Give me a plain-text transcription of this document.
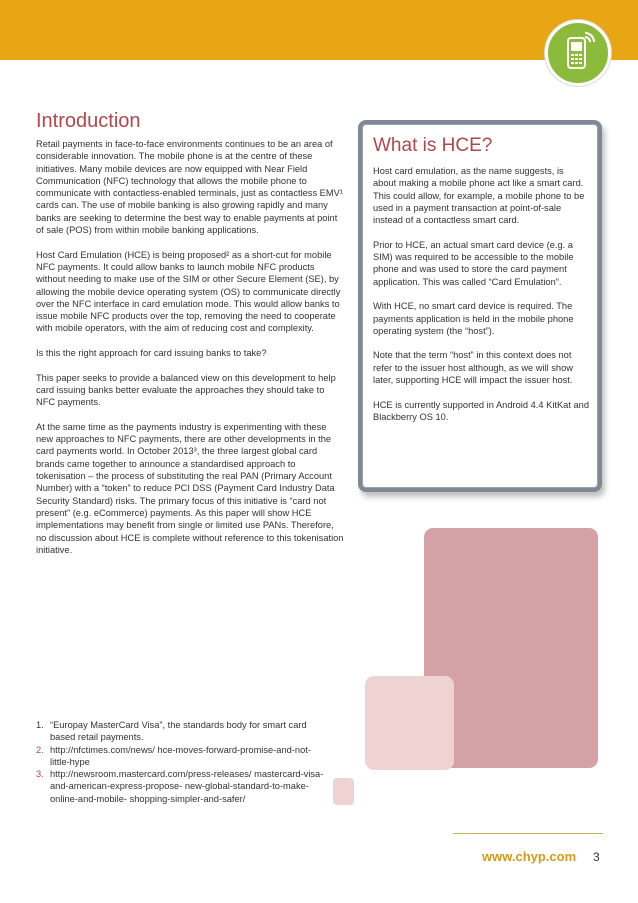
Introduction

Retail payments in face-to-face environments continues to be an area of considerable innovation. The mobile phone is at the centre of these initiatives. Many mobile devices are now equipped with Near Field Communication (NFC) technology that allows the mobile phone to communicate with contactless-enabled terminals, just as contactless EMV¹ cards can. The use of mobile banking is also growing rapidly and many banks are seeking to determine the best way to enable payments at point of sale (POS) from within mobile banking applications.

Host Card Emulation (HCE) is being proposed² as a short-cut for mobile NFC payments. It could allow banks to launch mobile NFC products without needing to make use of the SIM or other Secure Element (SE), by allowing the mobile device operating system (OS) to communicate directly over the NFC interface in card emulation mode. This would allow banks to issue mobile NFC products over the top, removing the need to cooperate with mobile operators, with the aim of reducing cost and complexity.

Is this the right approach for card issuing banks to take?

This paper seeks to provide a balanced view on this development to help card issuing banks better evaluate the approaches they should take to NFC payments.

At the same time as the payments industry is experimenting with these new approaches to NFC payments, there are other developments in the card payments world. In October 2013³, the three largest global card brands came together to announce a standardised approach to tokenisation – the process of substituting the real PAN (Primary Account Number) with a “token” to reduce PCI DSS (Payment Card Industry Data Security Standard) risks. The primary focus of this initiative is “card not present” (e.g. eCommerce) payments. As this paper will show HCE implementations may benefit from single or limited use PANs. Therefore, no discussion about HCE is complete without reference to this tokenisation initiative.

What is HCE?

Host card emulation, as the name suggests, is about making a mobile phone act like a smart card. This could allow, for example, a mobile phone to be used in a payment transaction at point-of-sale instead of a contactless smart card.

Prior to HCE, an actual smart card device (e.g. a SIM) was required to be accessible to the mobile phone and was used to store the card payment application. This was called “Card Emulation”.

With HCE, no smart card device is required. The payments application is held in the mobile phone operating system (the “host”).

Note that the term “host” in this context does not refer to the issuer host although, as we will show later, supporting HCE will impact the issuer host.

HCE is currently supported in Android 4.4 KitKat and Blackberry OS 10.

1. “Europay MasterCard Visa”, the standards body for smart card based retail payments.
2. http://nfctimes.com/news/ hce-moves-forward-promise-and-not-little-hype
3. http://newsroom.mastercard.com/press-releases/ mastercard-visa-and-american-express-propose- new-global-standard-to-make-online-and-mobile- shopping-simpler-and-safer/
www.chyp.com 3
